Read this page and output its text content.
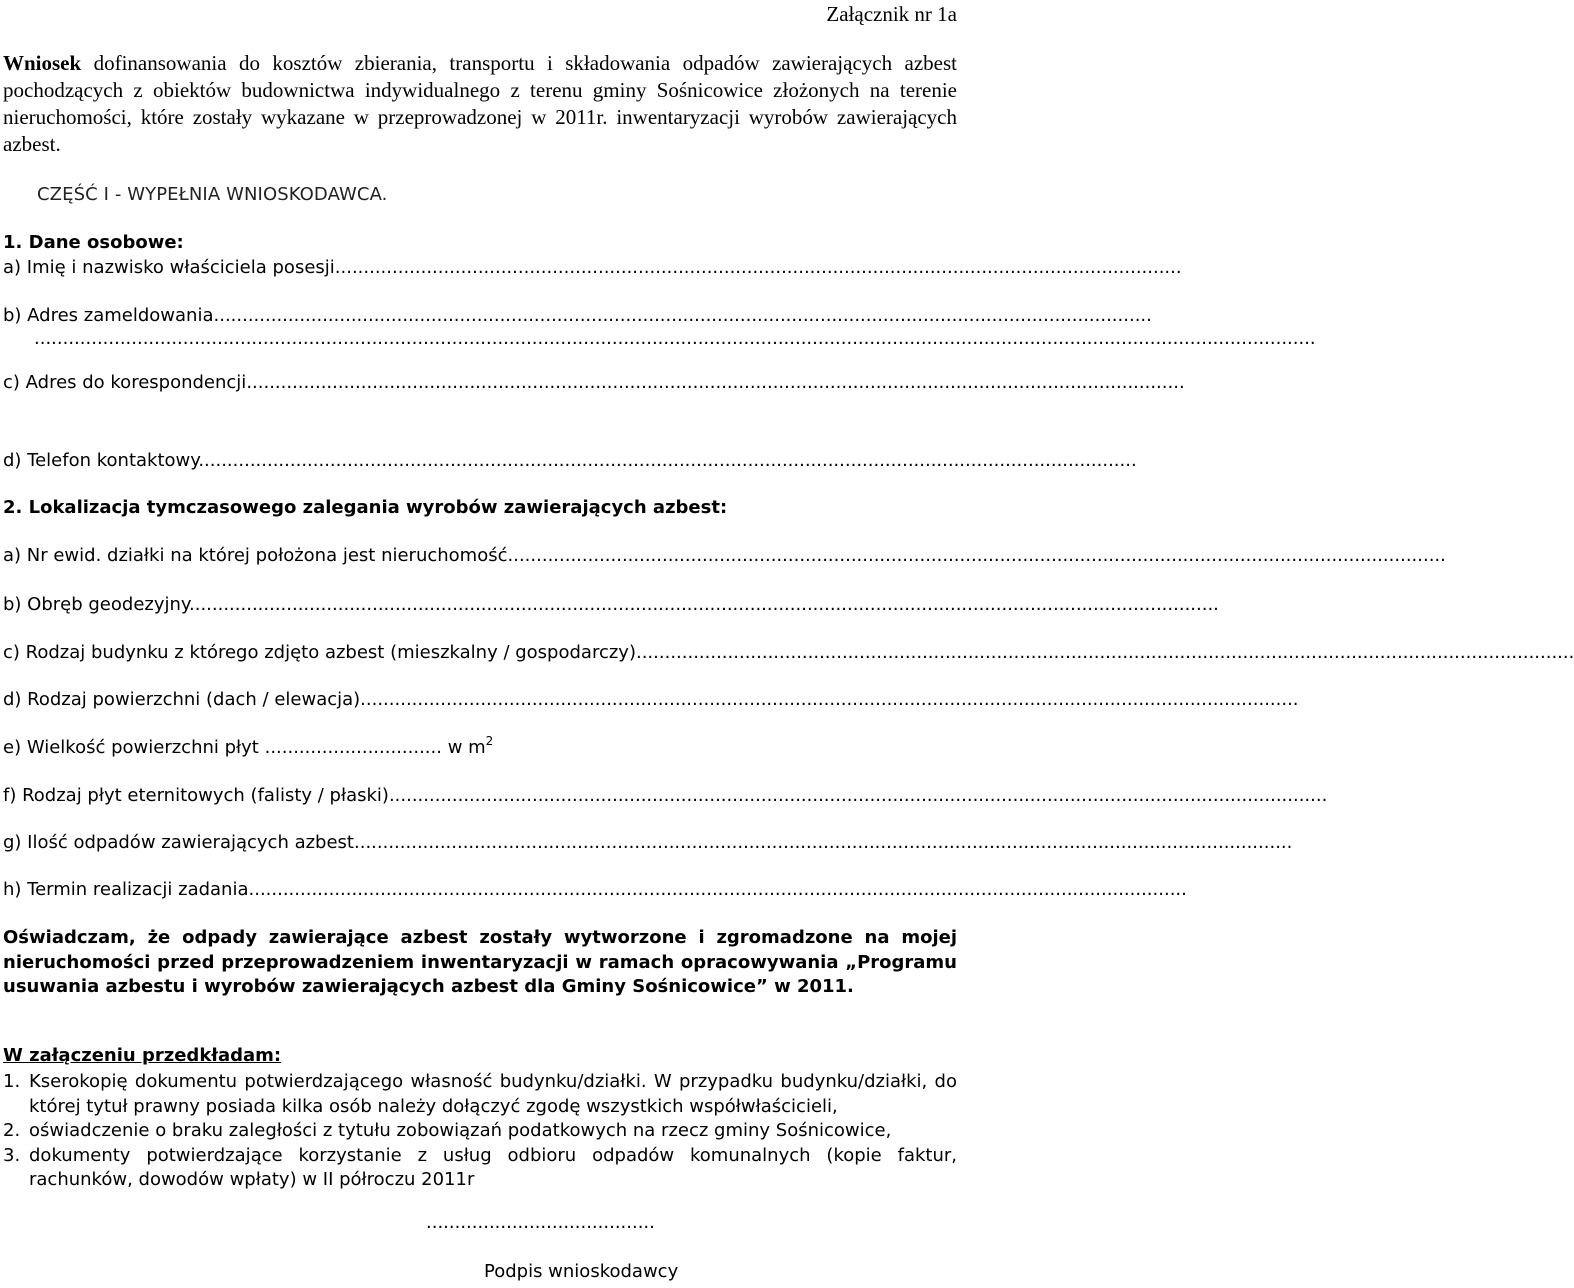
Załącznik nr 1a
Wniosek dofinansowania do kosztów zbierania, transportu i składowania odpadów zawierających azbest pochodzących z obiektów budownictwa indywidualnego z terenu gminy Sośnicowice złożonych na terenie nieruchomości, które zostały wykazane w przeprowadzonej w 2011r. inwentaryzacji wyrobów zawierających azbest.
CZĘŚĆ I - WYPEŁNIA WNIOSKODAWCA.
1. Dane osobowe:
a) Imię i nazwisko właściciela posesji....................................................................................................................................................
b) Adres zameldowania....................................................................................................................................................................
................................................................................................................................................................................................................................
c) Adres do korespondencji....................................................................................................................................................................
d) Telefon kontaktowy....................................................................................................................................................................
2. Lokalizacja tymczasowego zalegania wyrobów zawierających azbest:
a) Nr ewid. działki na której położona jest nieruchomość....................................................................................................................................................................
b) Obręb geodezyjny....................................................................................................................................................................................
c) Rodzaj budynku z którego zdjęto azbest (mieszkalny / gospodarczy)....................................................................................................................................................................
d) Rodzaj powierzchni (dach / elewacja)....................................................................................................................................................................
e) Wielkość powierzchni płyt ............................... w $m^2$
f) Rodzaj płyt eternitowych (falisty / płaski)....................................................................................................................................................................
g) Ilość odpadów zawierających azbest....................................................................................................................................................................
h) Termin realizacji zadania....................................................................................................................................................................
Oświadczam, że odpady zawierające azbest zostały wytworzone i zgromadzone na mojej nieruchomości przed przeprowadzeniem inwentaryzacji w ramach opracowywania „Programu usuwania azbestu i wyrobów zawierających azbest dla Gminy Sośnicowice” w 2011.
W załączeniu przedkładam:
1. Kserokopię dokumentu potwierdzającego własność budynku/działki. W przypadku budynku/działki, do której tytuł prawny posiada kilka osób należy dołączyć zgodę wszystkich współwłaścicieli,
2. oświadczenie o braku zaległości z tytułu zobowiązań podatkowych na rzecz gminy Sośnicowice,
3. dokumenty potwierdzające korzystanie z usług odbioru odpadów komunalnych (kopie faktur, rachunków, dowodów wpłaty) w II półroczu 2011r
........................................
Podpis wnioskodawcy
